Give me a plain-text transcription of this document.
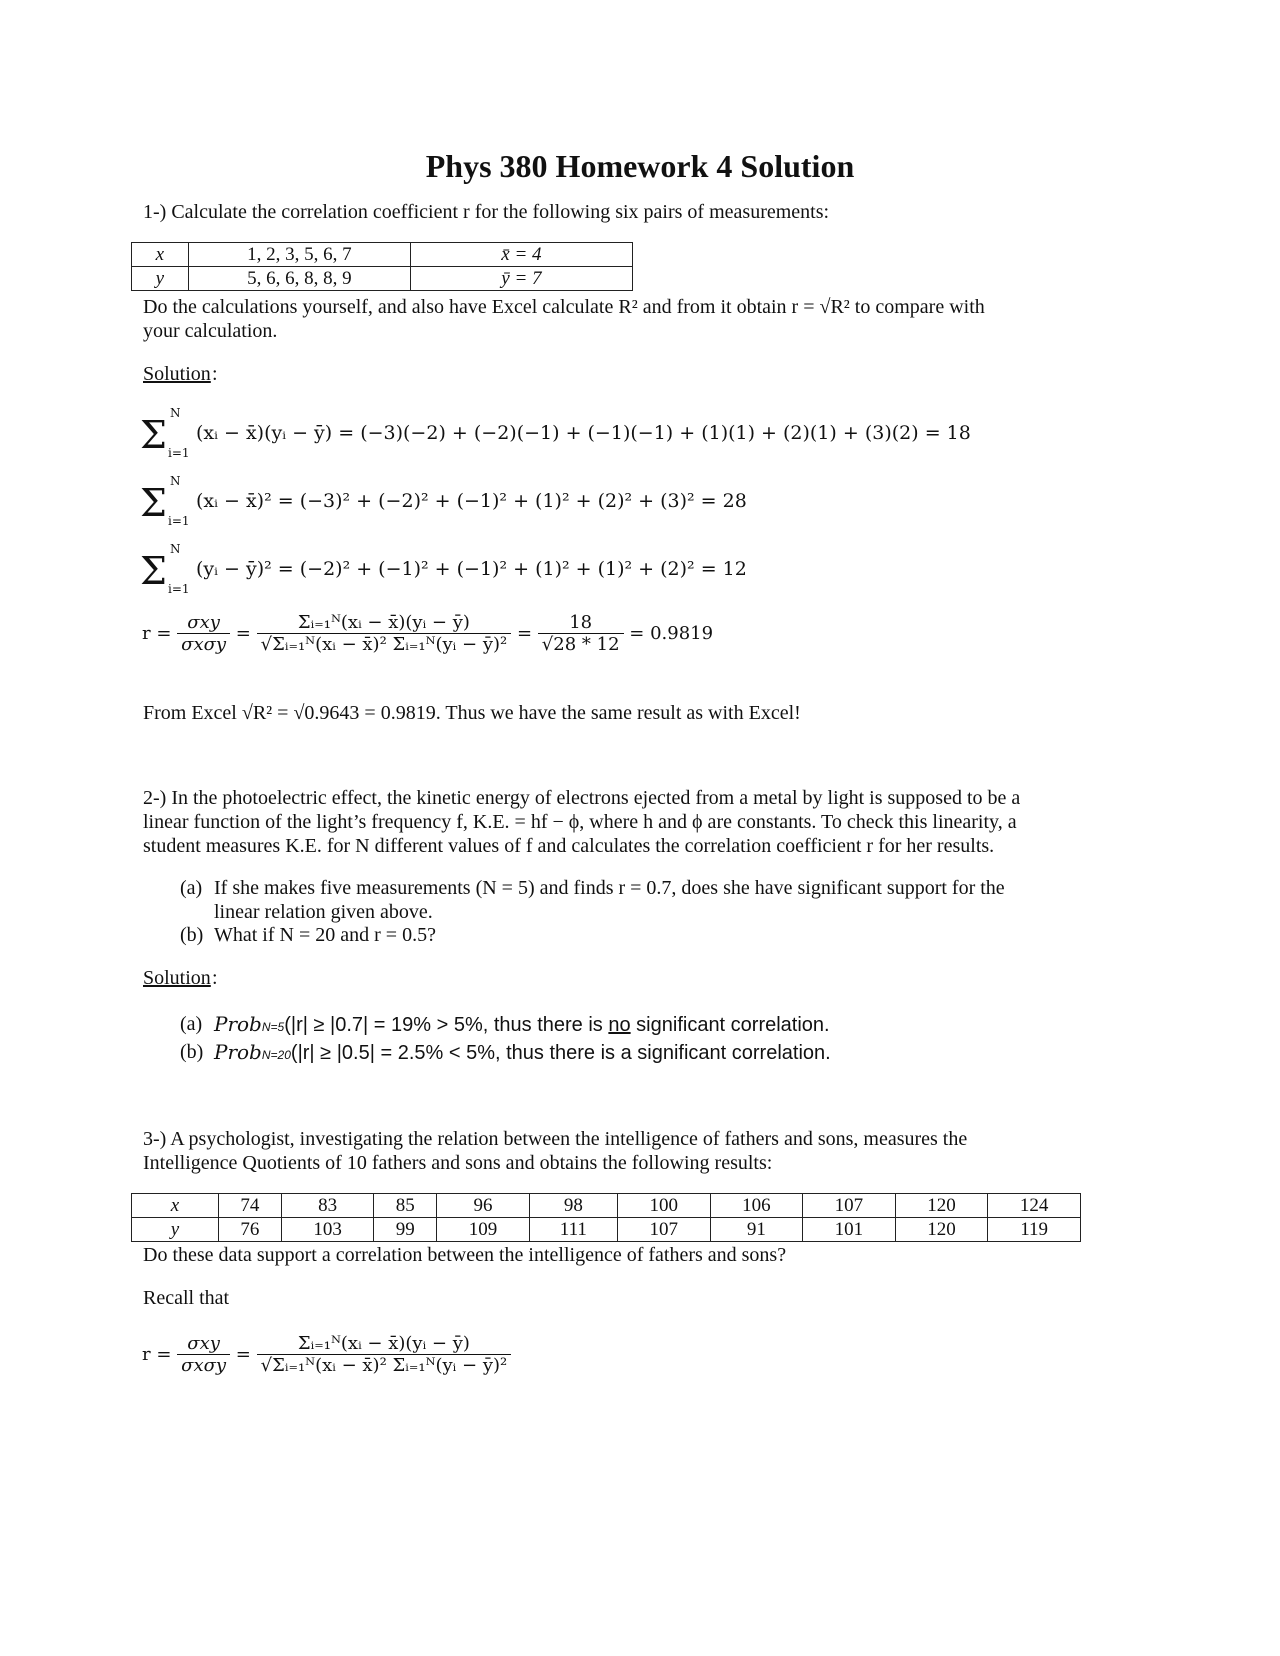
Phys 380 Homework 4 Solution
1-) Calculate the correlation coefficient r for the following six pairs of measurements:
x	1, 2, 3, 5, 6, 7	x̄ = 4
y	5, 6, 6, 8, 8, 9	ȳ = 7
Do the calculations yourself, and also have Excel calculate R² and from it obtain r = √R² to compare with
your calculation.
Solution :
Σ N
i=1
(xᵢ − x̄)(yᵢ − ȳ) = (−3)(−2) + (−2)(−1) + (−1)(−1) + (1)(1) + (2)(1) + (3)(2) = 18
Σ N
i=1
(xᵢ − x̄)² = (−3)² + (−2)² + (−1)² + (1)² + (2)² + (3)² = 28
Σ N
i=1
(yᵢ − ȳ)² = (−2)² + (−1)² + (−1)² + (1)² + (1)² + (2)² = 12
$r = \frac{\text{σxy}}{\text{σxσy}} = \frac{\text{Σᵢ₌₁ᴺ(xᵢ − x̄)(yᵢ − ȳ)}}{\text{√Σᵢ₌₁ᴺ(xᵢ − x̄)² Σᵢ₌₁ᴺ(yᵢ − ȳ)²}} = \frac{18}{√28 * 12} = 0.9819$
From Excel √R² = √0.9643 = 0.9819. Thus we have the same result as with Excel!
2-) In the photoelectric effect, the kinetic energy of electrons ejected from a metal by light is supposed to be a
linear function of the light’s frequency f, K.E. = hf − ϕ, where h and ϕ are constants. To check this linearity, a
student measures K.E. for N different values of f and calculates the correlation coefficient r for her results.
(a) If she makes five measurements (N = 5) and finds r = 0.7, does she have significant support for the
linear relation given above.
(b) What if N = 20 and r = 0.5?
Solution :
(a) ProbN=5(|r| ≥ |0.7| = 19% > 5%, thus there is no significant correlation.
(b) ProbN=20(|r| ≥ |0.5| = 2.5% < 5%, thus there is a significant correlation.
3-) A psychologist, investigating the relation between the intelligence of fathers and sons, measures the
Intelligence Quotients of 10 fathers and sons and obtains the following results:
x	74	83	85	96	98	100	106	107	120	124
y	76	103	99	109	111	107	91	101	120	119
Do these data support a correlation between the intelligence of fathers and sons?
Recall that
$r = \frac{\text{σxy}}{\text{σxσy}} = \frac{\text{Σᵢ₌₁ᴺ(xᵢ − x̄)(yᵢ − ȳ)}}{\text{√Σᵢ₌₁ᴺ(xᵢ − x̄)² Σᵢ₌₁ᴺ(yᵢ − ȳ)²}}$
